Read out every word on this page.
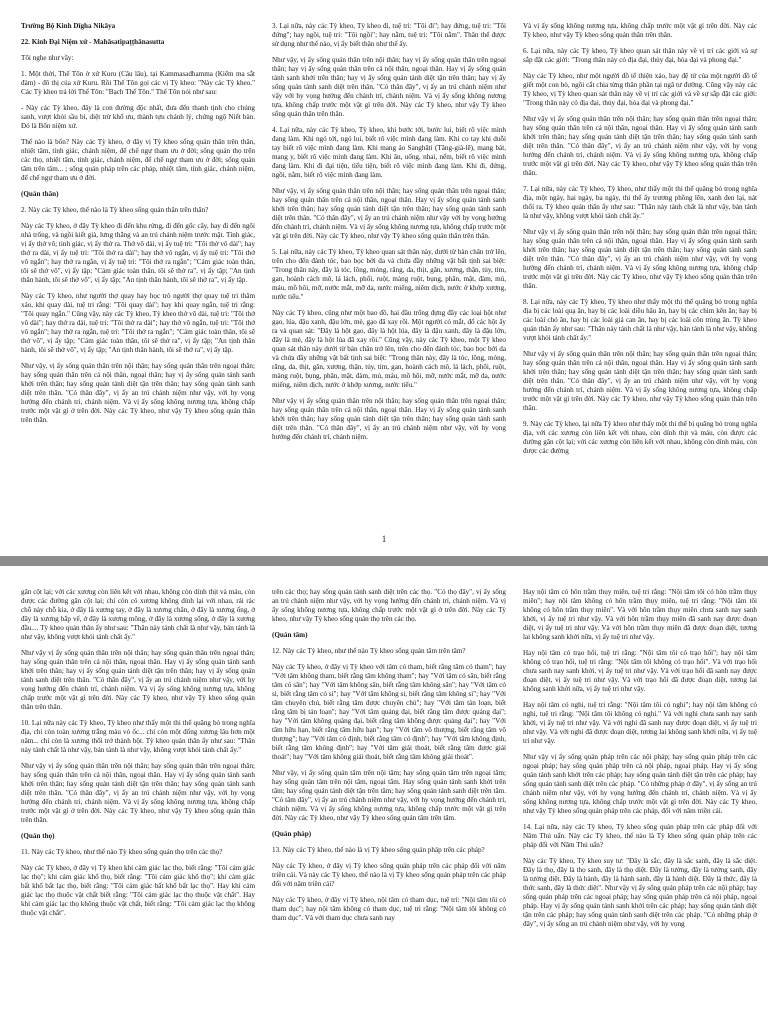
Trường Bộ Kinh Dīgha Nikāya

22. Kinh Ðại Niệm xứ - Mahāsatipaṭṭhānasutta

Tôi nghe như vầy:

1. Một thời, Thế Tôn ở xứ Kuru (Câu lâu), tại Kammasadhamma (Kiếm ma sắt đàm) - đô thị của xứ Kuru. Rồi Thế Tôn gọi các vị Tỳ kheo: "Này các Tỳ kheo." Các Tỳ kheo trả lời Thế Tôn: "Bạch Thế Tôn." Thế Tôn nói như sau:

- Này các Tỳ kheo, đây là con đường độc nhất, đưa đến thanh tịnh cho chúng sanh, vượt khỏi sầu bi, diệt trừ khổ ưu, thành tựu chánh lý, chứng ngộ Niết bàn. Đó là Bốn niệm xứ.

Thế nào là bốn? Này các Tỳ kheo, ở đây vị Tỳ kheo sống quán thân trên thân, nhiệt tâm, tỉnh giác, chánh niệm, để chế ngự tham ưu ở đời; sống quán thọ trên các thọ, nhiệt tâm, tỉnh giác, chánh niệm, để chế ngự tham ưu ở đời; sống quán tâm trên tâm... ; sống quán pháp trên các pháp, nhiệt tâm, tỉnh giác, chánh niệm, để chế ngự tham ưu ở đời.

(Quán thân)

2. Này các Tỳ kheo, thế nào là Tỳ kheo sống quán thân trên thân?

Này các Tỳ kheo, ở đây Tỳ kheo đi đến khu rừng, đi đến gốc cây, hay đi đến ngôi nhà trống, và ngồi kiết già, lưng thẳng và an trú chánh niệm trước mặt. Tỉnh giác, vị ấy thở vô; tỉnh giác, vị ấy thở ra. Thở vô dài, vị ấy tuệ tri: "Tôi thở vô dài"; hay thở ra dài, vị ấy tuệ tri: "Tôi thở ra dài"; hay thở vô ngắn, vị ấy tuệ tri: "Tôi thở vô ngắn"; hay thở ra ngắn, vị ấy tuệ tri: "Tôi thở ra ngắn"; "Cảm giác toàn thân, tôi sẽ thở vô", vị ấy tập; "Cảm giác toàn thân, tôi sẽ thở ra", vị ấy tập; "An tịnh thân hành, tôi sẽ thở vô", vị ấy tập; "An tịnh thân hành, tôi sẽ thở ra", vị ấy tập.

Này các Tỳ kheo, như người thợ quay hay học trò người thợ quay tuệ tri thâm xảo, khi quay dài, tuệ tri rằng: "Tôi quay dài"; hay khi quay ngắn, tuệ tri rằng: "Tôi quay ngắn." Cũng vậy, này các Tỳ kheo, Tỳ kheo thở vô dài, tuệ tri: "Tôi thở vô dài"; hay thở ra dài, tuệ tri: "Tôi thở ra dài"; hay thở vô ngắn, tuệ tri: "Tôi thở vô ngắn"; hay thở ra ngắn, tuệ tri: "Tôi thở ra ngắn"; "Cảm giác toàn thân, tôi sẽ thở vô", vị ấy tập; "Cảm giác toàn thân, tôi sẽ thở ra", vị ấy tập; "An tịnh thân hành, tôi sẽ thở vô", vị ấy tập; "An tịnh thân hành, tôi sẽ thở ra", vị ấy tập.

Như vậy, vị ấy sống quán thân trên nội thân; hay sống quán thân trên ngoại thân; hay sống quán thân trên cả nội thân, ngoại thân; hay vị ấy sống quán tánh sanh khởi trên thân; hay sống quán tánh diệt tận trên thân; hay sống quán tánh sanh diệt trên thân. "Có thân đây", vị ấy an trú chánh niệm như vậy, với hy vọng hướng đến chánh trí, chánh niệm. Và vị ấy sống không nương tựa, không chấp trước một vật gì ở trên đời. Này các Tỳ kheo, như vậy Tỳ kheo sống quán thân trên thân.

3. Lại nữa, này các Tỳ kheo, Tỳ kheo đi, tuệ tri: "Tôi đi"; hay đứng, tuệ tri: "Tôi đứng"; hay ngồi, tuệ tri: "Tôi ngồi"; hay nằm, tuệ tri: "Tôi nằm". Thân thể được sử dụng như thế nào, vị ấy biết thân như thế ấy.

Như vậy, vị ấy sống quán thân trên nội thân; hay vị ấy sống quán thân trên ngoại thân; hay vị ấy sống quán thân trên cả nội thân, ngoại thân. Hay vị ấy sống quán tánh sanh khởi trên thân; hay vị ấy sống quán tánh diệt tận trên thân; hay vị ấy sống quán tánh sanh diệt trên thân. "Có thân đây", vị ấy an trú chánh niệm như vậy với hy vọng hướng đến chánh trí, chánh niệm. Và vị ấy sống không nương tựa, không chấp trước một vật gì trên đời. Này các Tỳ kheo, như vậy Tỳ kheo sống quán thân trên thân.

4. Lại nữa, này các Tỳ kheo, Tỳ kheo, khi bước tới, bước lui, biết rõ việc mình đang làm. Khi ngó tới, ngó lui, biết rõ việc mình đang làm. Khi co tay khi duỗi tay biết rõ việc mình đang làm. Khi mang áo Sanghāti (Tăng-già-lê), mang bát, mang y, biết rõ việc mình đang làm. Khi ăn, uống, nhai, nếm, biết rõ việc mình đang làm. Khi đi đại tiện, tiểu tiện, biết rõ việc mình đang làm. Khi đi, đứng, ngồi, nằm, biết rõ việc mình đang làm.

Như vậy, vị ấy sống quán thân trên nội thân; hay sống quán thân trên ngoại thân; hay sống quán thân trên cả nội thân, ngoại thân. Hay vị ấy sống quán tánh sanh khởi trên thân; hay sống quán tánh diệt tận trên thân; hay sống quán tánh sanh diệt trên thân. "Có thân đây", vị ấy an trú chánh niệm như vậy với hy vọng hướng đến chánh trí, chánh niệm. Và vị ấy sống không nương tựa, không chấp trước một vật gì trên đời. Này các Tỳ kheo, như vậy Tỳ kheo sống quán thân trên thân.

5. Lại nữa, này các Tỳ kheo, Tỳ kheo quan sát thân này, dưới từ bàn chân trở lên, trên cho đến đảnh tóc, bao bọc bởi da và chứa đầy những vật bất tịnh sai biệt: "Trong thân này, đây là tóc, lông, móng, răng, da, thịt, gân, xương, thận, tủy, tim, gan, hoành cách mô, lá lách, phổi, ruột, màng ruột, bụng, phân, mật, đàm, mủ, máu, mồ hôi, mỡ, nước mắt, mỡ da, nước miếng, niêm dịch, nước ở khớp xương, nước tiểu."

Này các Tỳ kheo, cũng như một bao đồ, hai đầu trống đựng đầy các loại hột như gạo, lúa, đậu xanh, đậu lớn, mè, gạo đã xay rồi. Một người có mắt, đổ các hột ấy ra và quan sát: "Đây là hột gạo, đây là hột lúa, đây là đậu xanh, đây là đậu lớn, đây là mè, đây là hột lúa đã xay rồi." Cũng vậy, này các Tỳ kheo, một Tỳ kheo quan sát thân này dưới từ bàn chân trở lên, trên cho đến đảnh tóc, bao bọc bởi da và chứa đầy những vật bất tịnh sai biệt: "Trong thân này, đây là tóc, lông, móng, răng, da, thịt, gân, xương, thận, tủy, tim, gan, hoành cách mô, lá lách, phổi, ruột, màng ruột, bụng, phân, mật, đàm, mủ, máu, mồ hôi, mỡ, nước mắt, mỡ da, nước miếng, niêm dịch, nước ở khớp xương, nước tiểu."

Như vậy vị ấy sống quán thân trên nội thân; hay sống quán thân trên ngoại thân; hay sống quán thân trên cả nội thân, ngoại thân. Hay vị ấy sống quán tánh sanh khởi trên thân; hay sống quán tánh diệt tận trên thân; hay sống quán tánh sanh diệt trên thân. "Có thân đây", vị ấy an trú chánh niệm như vậy, với hy vọng hướng đến chánh trí, chánh niệm.

Và vị ấy sống không nương tựa, không chấp trước một vật gì trên đời. Này các Tỳ kheo, như vậy Tỳ kheo sống quán thân trên thân.

6. Lại nữa, này các Tỳ kheo, Tỳ kheo quan sát thân này về vị trí các giới và sự sắp đặt các giới: "Trong thân này có địa đại, thủy đại, hỏa đại và phong đại."

Này các Tỳ kheo, như một người đồ tể thiện xảo, hay đệ tử của một người đồ tể giết một con bò, ngồi cắt chia từng thân phần tại ngã tư đường. Cũng vậy này các Tỳ kheo, vị Tỳ kheo quan sát thân này về vị trí các giới và về sự sắp đặt các giới: "Trong thân này có địa đại, thủy đại, hỏa đại và phong đại."

Như vậy vị ấy sống quán thân trên nội thân; hay sống quán thân trên ngoại thân; hay sống quán thân trên cả nội thân, ngoại thân. Hay vị ấy sống quán tánh sanh khởi trên thân; hay sống quán tánh diệt tận trên thân; hay sống quán tánh sanh diệt trên thân. "Có thân đây", vị ấy an trú chánh niệm như vậy, với hy vọng hướng đến chánh trí, chánh niệm. Và vị ấy sống không nương tựa, không chấp trước một vật gì trên đời. Này các Tỳ kheo, như vậy Tỳ kheo sống quán thân trên thân.

7. Lại nữa, này các Tỳ kheo, Tỳ kheo, như thấy một thi thể quăng bỏ trong nghĩa địa, một ngày, hai ngày, ba ngày, thi thể ấy trương phồng lên, xanh đen lại, nát thối ra. Tỳ kheo quán thân ấy như sau: "Thân này tánh chất là như vậy, bản tánh là như vậy, không vượt khỏi tánh chất ấy."

Như vậy vị ấy sống quán thân trên nội thân; hay sống quán thân trên ngoại thân; hay sống quán thân trên cả nội thân, ngoại thân. Hay vị ấy sống quán tánh sanh khởi trên thân; hay sống quán tánh diệt tận trên thân; hay sống quán tánh sanh diệt trên thân. "Có thân đây", vị ấy an trú chánh niệm như vậy, với hy vọng hướng đến chánh trí, chánh niệm. Và vị ấy sống không nương tựa, không chấp trước một vật gì trên đời. Này các Tỳ kheo, như vậy Tỳ kheo sống quán thân trên thân.

8. Lại nữa, này các Tỳ kheo, Tỳ kheo như thấy một thi thể quăng bỏ trong nghĩa địa bị các loài quạ ăn, hay bị các loài diều hâu ăn, hay bị các chim kên ăn; hay bị các loài chó ăn, hay bị các loài giả can ăn, hay bị các loài côn trùng ăn. Tỳ kheo quán thân ấy như sau: "Thân này tánh chất là như vậy, bản tánh là như vậy, không vượt khỏi tánh chất ấy."

Như vậy vị ấy sống quán thân trên nội thân; hay sống quán thân trên ngoại thân; hay sống quán thân trên cả nội thân, ngoại thân. Hay vị ấy sống quán tánh sanh khởi trên thân; hay sống quán tánh diệt tận trên thân; hay sống quán tánh sanh diệt trên thân. "Có thân đây", vị ấy an trú chánh niệm như vậy, với hy vọng hướng đến chánh trí, chánh niệm. Và vị ấy sống không nương tựa, không chấp trước một vật gì trên đời. Này các Tỳ kheo, như vậy Tỳ kheo sống quán thân trên thân.

9. Này các Tỳ kheo, lại nữa Tỳ kheo như thấy một thi thể bị quăng bỏ trong nghĩa địa, với các xương còn liên kết với nhau, còn dính thịt và máu, còn được các đường gân cột lại; với các xương còn liên kết với nhau, không còn dính máu, còn được các đường

1

gân cột lại; với các xương còn liên kết với nhau, không còn dính thịt và máu, còn được các đường gân cột lại; chỉ còn có xương không dính lại với nhau, rải rác chỗ này chỗ kia, ở đây là xương tay, ở đây là xương chân, ở đây là xương ống, ở đây là xương bắp vế, ở đây là xương mông, ở đây là xương sống, ở đây là xương đầu.... Tỳ kheo quán thân ấy như sau: "Thân này tánh chất là như vậy, bản tánh là như vậy, không vượt khỏi tánh chất ấy."

Như vậy vị ấy sống quán thân trên nội thân; hay sống quán thân trên ngoại thân; hay sống quán thân trên cả nội thân, ngoại thân. Hay vị ấy sống quán tánh sanh khởi trên thân; hay vị ấy sống quán tánh diệt tận trên thân; hay vị ấy sống quán tánh sanh diệt trên thân. "Có thân đây", vị ấy an trú chánh niệm như vậy, với hy vọng hướng đến chánh trí, chánh niệm. Và vị ấy sống không nương tựa, không chấp trước một vật gì trên đời. Này các Tỳ kheo, như vậy Tỳ kheo sống quán thân trên thân.

10. Lại nữa này các Tỳ kheo, Tỳ kheo như thấy một thi thể quăng bỏ trong nghĩa địa, chỉ còn toàn xương trắng màu vỏ ốc... chỉ còn một đống xương lâu hơn một năm... chỉ còn là xương thối trở thành bột. Tỳ kheo quán thân ấy như sau: "Thân này tánh chất là như vậy, bản tánh là như vậy, không vượt khỏi tánh chất ấy."

Như vậy vị ấy sống quán thân trên nội thân; hay sống quán thân trên ngoại thân; hay sống quán thân trên cả nội thân, ngoại thân. Hay vị ấy sống quán tánh sanh khởi trên thân; hay sống quán tánh diệt tận trên thân; hay sống quán tánh sanh diệt trên thân. "Có thân đây", vị ấy an trú chánh niệm như vậy, với hy vọng hướng đến chánh trí, chánh niệm. Và vị ấy sống không nương tựa, không chấp trước một vật gì ở trên đời. Này các Tỳ kheo, như vậy Tỳ kheo sống quán thân trên thân.

(Quán thọ)

11. Này các Tỳ kheo, như thế nào Tỳ kheo sống quán thọ trên các thọ?

Này các Tỳ kheo, ở đây vị Tỳ kheo khi cảm giác lạc thọ, biết rằng: "Tôi cảm giác lạc thọ"; khi cảm giác khổ thọ, biết rằng: "Tôi cảm giác khổ thọ"; khi cảm giác bất khổ bất lạc thọ, biết rằng: "Tôi cảm giác bất khổ bất lạc thọ". Hay khi cảm giác lạc thọ thuộc vật chất biết rằng: "Tôi cảm giác lạc thọ thuộc vật chất". Hay khi cảm giác lạc thọ không thuộc vật chất, biết rằng: "Tôi cảm giác lạc thọ không thuộc vật chất".

trên các thọ; hay sống quán tánh sanh diệt trên các thọ. "Có thọ đây", vị ấy sống an trú chánh niệm như vậy, với hy vọng hướng đến chánh trí, chánh niệm. Và vị ấy sống không nương tựa, không chấp trước một vật gì ở trên đời. Này các Tỳ kheo, như vậy Tỳ kheo sống quán thọ trên các thọ.

(Quán tâm)

12. Này các Tỳ kheo, như thế nào Tỳ kheo sống quán tâm trên tâm?

Này các Tỳ kheo, ở đây vị Tỳ kheo với tâm có tham, biết rằng tâm có tham"; hay "Với tâm không tham, biết rằng tâm không tham"; hay "Với tâm có sân, biết rằng tâm có sân"; hay "Với tâm không sân, biết rằng tâm không sân"; hay "Với tâm có si, biết rằng tâm có si"; hay "Với tâm không si, biết rằng tâm không si"; hay "Với tâm chuyên chú, biết rằng tâm được chuyên chú"; hay "Với tâm tán loạn, biết rằng tâm bị tán loạn"; hay "Với tâm quảng đại, biết rằng tâm được quảng đại"; hay "Với tâm không quảng đại, biết rằng tâm không được quảng đại"; hay "Với tâm hữu hạn, biết rằng tâm hữu hạn"; hay "Với tâm vô thượng, biết rằng tâm vô thượng"; hay "Với tâm có định, biết rằng tâm có định"; hay "Với tâm không định, biết rằng tâm không định"; hay "Với tâm giải thoát, biết rằng tâm được giải thoát"; hay "Với tâm không giải thoát, biết rằng tâm không giải thoát".

Như vậy, vị ấy sống quán tâm trên nội tâm; hay sống quán tâm trên ngoại tâm; hay sống quán tâm trên nội tâm, ngoại tâm. Hay sống quán tánh sanh khởi trên tâm; hay sống quán tánh diệt tận trên tâm; hay sống quán tánh sanh diệt trên tâm. "Có tâm đây", vị ấy an trú chánh niệm như vậy, với hy vọng hướng đến chánh trí, chánh niệm. Và vị ấy sống không nương tựa, không chấp trước một vật gì trên đời. Này các Tỳ kheo, như vậy Tỳ kheo sống quán tâm trên tâm.

(Quán pháp)

13. Này các Tỳ kheo, thế nào là vị Tỳ kheo sống quán pháp trên các pháp?

Này các Tỳ kheo, ở đây vị Tỳ kheo sống quán pháp trên các pháp đối với năm triền cái. Và này các Tỳ kheo, thế nào là vị Tỳ kheo sống quán pháp trên các pháp đối với năm triền cái?

Này các Tỳ kheo, ở đây vị Tỳ kheo, nội tâm có tham dục, tuệ tri: "Nội tâm tôi có tham dục"; hay nội tâm không có tham dục, tuệ tri rằng: "Nội tâm tôi không có tham dục". Và với tham dục chưa sanh nay

Hay nội tâm có hôn trầm thụy miên, tuệ tri rằng: "Nội tâm tôi có hôn trầm thụy miên"; hay nội tâm không có hôn trầm thụy miên, tuệ tri rằng: "Nội tâm tôi không có hôn trầm thụy miên". Và với hôn trầm thụy miên chưa sanh nay sanh khởi, vị ấy tuệ tri như vậy. Và với hôn trầm thụy miên đã sanh nay được đoạn diệt, vị ấy tuệ tri như vậy. Và với hôn trầm thụy miên đã được đoạn diệt, tương lai không sanh khởi nữa, vị ấy tuệ tri như vậy.

Hay nội tâm có trạo hối, tuệ tri rằng: "Nội tâm tôi có trạo hối"; hay nội tâm không có trạo hối, tuệ tri rằng: "Nội tâm tôi không có trạo hối". Và với trạo hối chưa sanh nay sanh khởi, vị ấy tuệ tri như vậy. Và với trạo hối đã sanh nay được đoạn diệt, vị ấy tuệ tri như vậy. Và với trạo hối đã được đoạn diệt, tương lai không sanh khởi nữa, vị ấy tuệ tri như vậy.

Hay nội tâm có nghi, tuệ tri rằng: "Nội tâm tôi có nghi"; hay nội tâm không có nghi, tuệ tri rằng: "Nội tâm tôi không có nghi." Và với nghi chưa sanh nay sanh khởi, vị ấy tuệ tri như vậy. Và với nghi đã sanh nay được đoạn diệt, vị ấy tuệ tri như vậy. Và với nghi đã được đoạn diệt, tương lai không sanh khởi nữa, vị ấy tuệ tri như vậy.

Như vậy vị ấy sống quán pháp trên các nội pháp; hay sống quán pháp trên các ngoại pháp; hay sống quán pháp trên cả nội pháp, ngoại pháp. Hay vị ấy sống quán tánh sanh khởi trên các pháp; hay sống quán tánh diệt tận trên các pháp; hay sống quán tánh sanh diệt trên các pháp. "Có những pháp ở đây", vị ấy sống an trú chánh niệm như vậy, với hy vọng hướng đến chánh trí, chánh niệm. Và vị ấy sống không nương tựa, không chấp trước một vật gì trên đời. Này các Tỳ kheo, như vậy Tỳ kheo sống quán pháp trên các pháp, đối với năm triền cái.

14. Lại nữa, này các Tỳ kheo, Tỳ kheo sống quán pháp trên các pháp đối với Năm Thủ uẩn. Này các Tỳ kheo, thế nào là Tỳ kheo sống quán pháp trên các pháp đối với Năm Thủ uẩn?

Này các Tỳ kheo, Tỳ kheo suy tư: "Đây là sắc, đây là sắc sanh, đây là sắc diệt. Đây là thọ, đây là thọ sanh, đây là thọ diệt. Đây là tưởng, đây là tưởng sanh, đây là tưởng diệt. Đây là hành, đây là hành sanh, đây là hành diệt. Đây là thức, đây là thức sanh, đây là thức diệt". Như vậy vị ấy sống quán pháp trên các nội pháp; hay sống quán pháp trên các ngoại pháp; hay sống quán pháp trên cả nội pháp, ngoại pháp. Hay vị ấy sống quán tánh sanh khởi trên các pháp; hay sống quán tánh diệt tận trên các pháp; hay sống quán tánh sanh diệt trên các pháp. "Có những pháp ở đây", vị ấy sống an trú chánh niệm như vậy, với hy vọng
